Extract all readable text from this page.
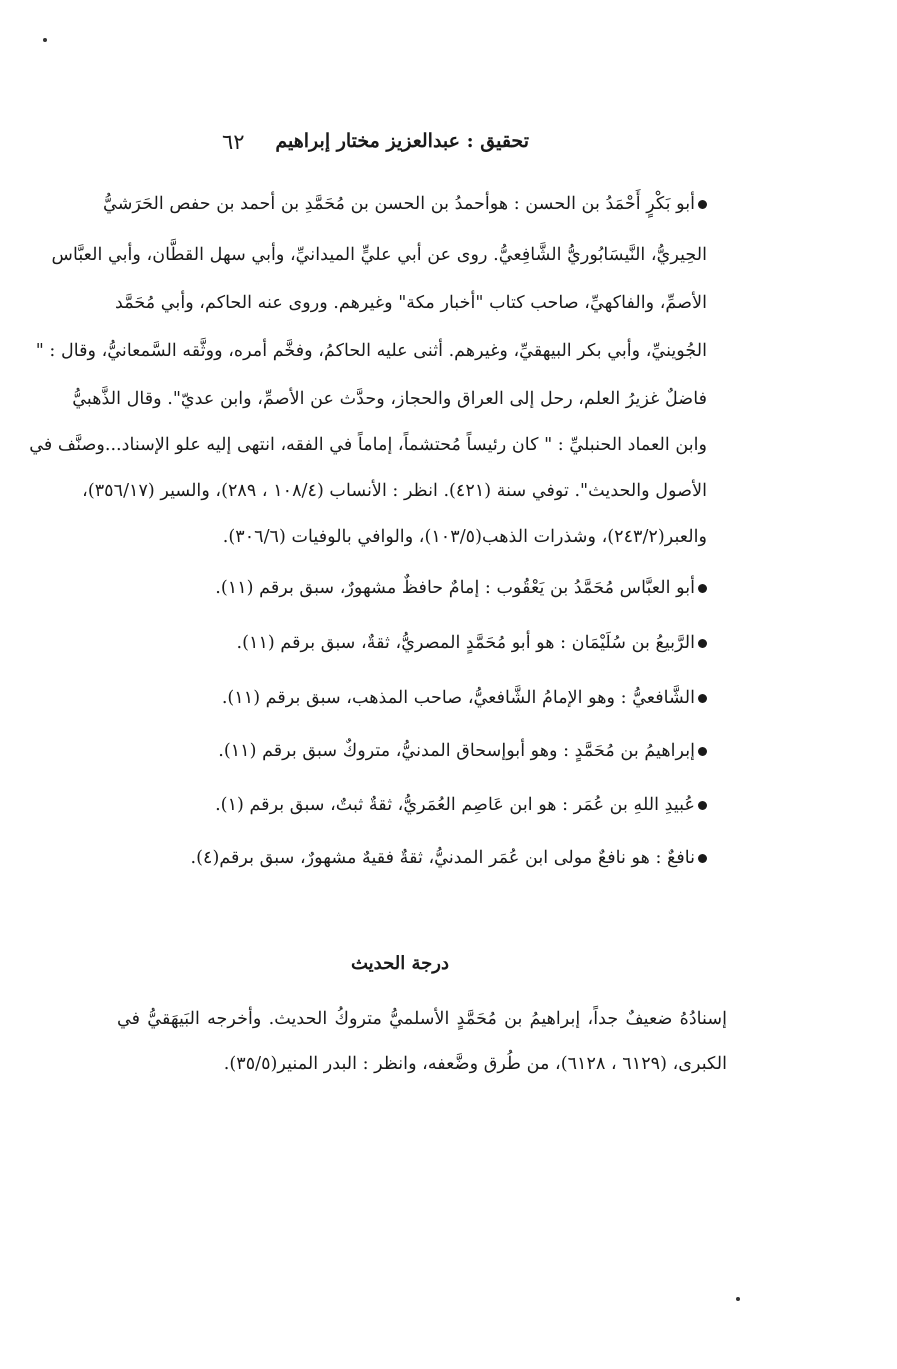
تحقيق : عبدالعزيز مختار إبراهيم
٦٢
أبو بَكْرٍ أَحْمَدُ بن الحسن : هوأحمدُ بن الحسن بن مُحَمَّدِ بن أحمد بن حفص الحَرَشيُّ
الحِيريُّ، النَّيسَابُوريُّ الشَّافِعيُّ. روى عن أبي عليٍّ الميدانيِّ، وأبي سهل القطَّان، وأبي العبَّاس
الأصمِّ، والفاكهيِّ، صاحب كتاب "أخبار مكة" وغيرهم. وروى عنه الحاكم، وأبي مُحَمَّد
الجُوينيِّ، وأبي بكر البيهقيِّ، وغيرهم. أثنى عليه الحاكمُ، وفخَّم أمره، ووثَّقه السَّمعانيُّ، وقال : "
فاضلٌ غزيرُ العلم، رحل إلى العراق والحجاز، وحدَّث عن الأصمِّ، وابن عديّ". وقال الذَّهبيُّ
وابن العماد الحنبليِّ : " كان رئيساً مُحتشماً، إماماً في الفقه، انتهى إليه علو الإسناد...وصنَّف في
الأصول والحديث". توفي سنة (٤٢١). انظر : الأنساب (١٠٨/٤ ، ٢٨٩)، والسير (٣٥٦/١٧)،
والعبر(٢٤٣/٢)، وشذرات الذهب(١٠٣/٥)، والوافي بالوفيات (٣٠٦/٦).
أبو العبَّاس مُحَمَّدُ بن يَعْقُوب : إمامٌ حافظٌ مشهورٌ، سبق برقم (١١).
الرَّبيعُ بن سُلَيْمَان : هو أبو مُحَمَّدٍ المصريُّ، ثقةٌ، سبق برقم (١١).
الشَّافعيُّ : وهو الإمامُ الشَّافعيُّ، صاحب المذهب، سبق برقم (١١).
إبراهيمُ بن مُحَمَّدٍ : وهو أبوإسحاق المدنيُّ، متروكٌ سبق برقم (١١).
عُبيدِ اللهِ بن عُمَر : هو ابن عَاصِم العُمَريُّ، ثقةٌ ثبتٌ، سبق برقم (١).
نافعٌ : هو نافعٌ مولى ابن عُمَر المدنيُّ، ثقةٌ فقيهٌ مشهورٌ، سبق برقم(٤).
درجة الحديث
إسنادُهُ ضعيفٌ جداً، إبراهيمُ بن مُحَمَّدٍ الأسلميُّ متروكُ الحديث. وأخرجه البَيهَقيُّ في
الكبرى، (٦١٢٩ ، ٦١٢٨)، من طُرق وضَّعفه، وانظر : البدر المنير(٣٥/٥).
